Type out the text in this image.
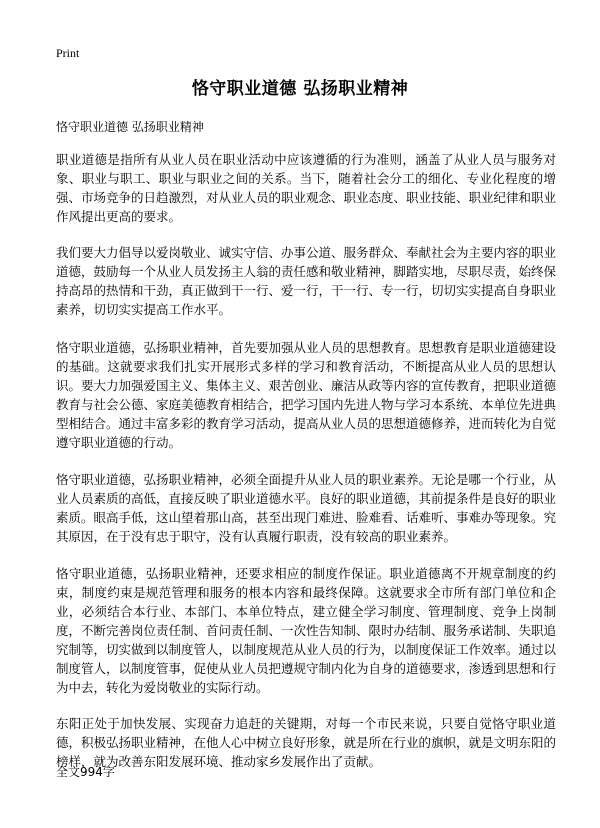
Print
恪守职业道德 弘扬职业精神

恪守职业道德 弘扬职业精神

职业道德是指所有从业人员在职业活动中应该遵循的行为准则，涵盖了从业人员与服务对象、职业与职工、职业与职业之间的关系。当下，随着社会分工的细化、专业化程度的增强、市场竞争的日趋激烈，对从业人员的职业观念、职业态度、职业技能、职业纪律和职业作风提出更高的要求。

我们要大力倡导以爱岗敬业、诚实守信、办事公道、服务群众、奉献社会为主要内容的职业道德，鼓励每一个从业人员发扬主人翁的责任感和敬业精神，脚踏实地，尽职尽责，始终保持高昂的热情和干劲，真正做到干一行、爱一行，干一行、专一行，切切实实提高自身职业素养，切切实实提高工作水平。

恪守职业道德，弘扬职业精神，首先要加强从业人员的思想教育。思想教育是职业道德建设的基础。这就要求我们扎实开展形式多样的学习和教育活动，不断提高从业人员的思想认识。要大力加强爱国主义、集体主义、艰苦创业、廉洁从政等内容的宣传教育，把职业道德教育与社会公德、家庭美德教育相结合，把学习国内先进人物与学习本系统、本单位先进典型相结合。通过丰富多彩的教育学习活动，提高从业人员的思想道德修养，进而转化为自觉遵守职业道德的行动。

恪守职业道德，弘扬职业精神，必须全面提升从业人员的职业素养。无论是哪一个行业，从业人员素质的高低，直接反映了职业道德水平。良好的职业道德，其前提条件是良好的职业素质。眼高手低，这山望着那山高，甚至出现门难进、脸难看、话难听、事难办等现象。究其原因，在于没有忠于职守，没有认真履行职责，没有较高的职业素养。

恪守职业道德，弘扬职业精神，还要求相应的制度作保证。职业道德离不开规章制度的约束，制度约束是规范管理和服务的根本内容和最终保障。这就要求全市所有部门单位和企业，必须结合本行业、本部门、本单位特点，建立健全学习制度、管理制度、竞争上岗制度，不断完善岗位责任制、首问责任制、一次性告知制、限时办结制、服务承诺制、失职追究制等，切实做到以制度管人，以制度规范从业人员的行为，以制度保证工作效率。通过以制度管人，以制度管事，促使从业人员把遵规守制内化为自身的道德要求，渗透到思想和行为中去，转化为爱岗敬业的实际行动。

东阳正处于加快发展、实现奋力追赶的关键期，对每一个市民来说，只要自觉恪守职业道德，积极弘扬职业精神，在他人心中树立良好形象，就是所在行业的旗帜，就是文明东阳的榜样，就为改善东阳发展环境、推动家乡发展作出了贡献。

全文994字
